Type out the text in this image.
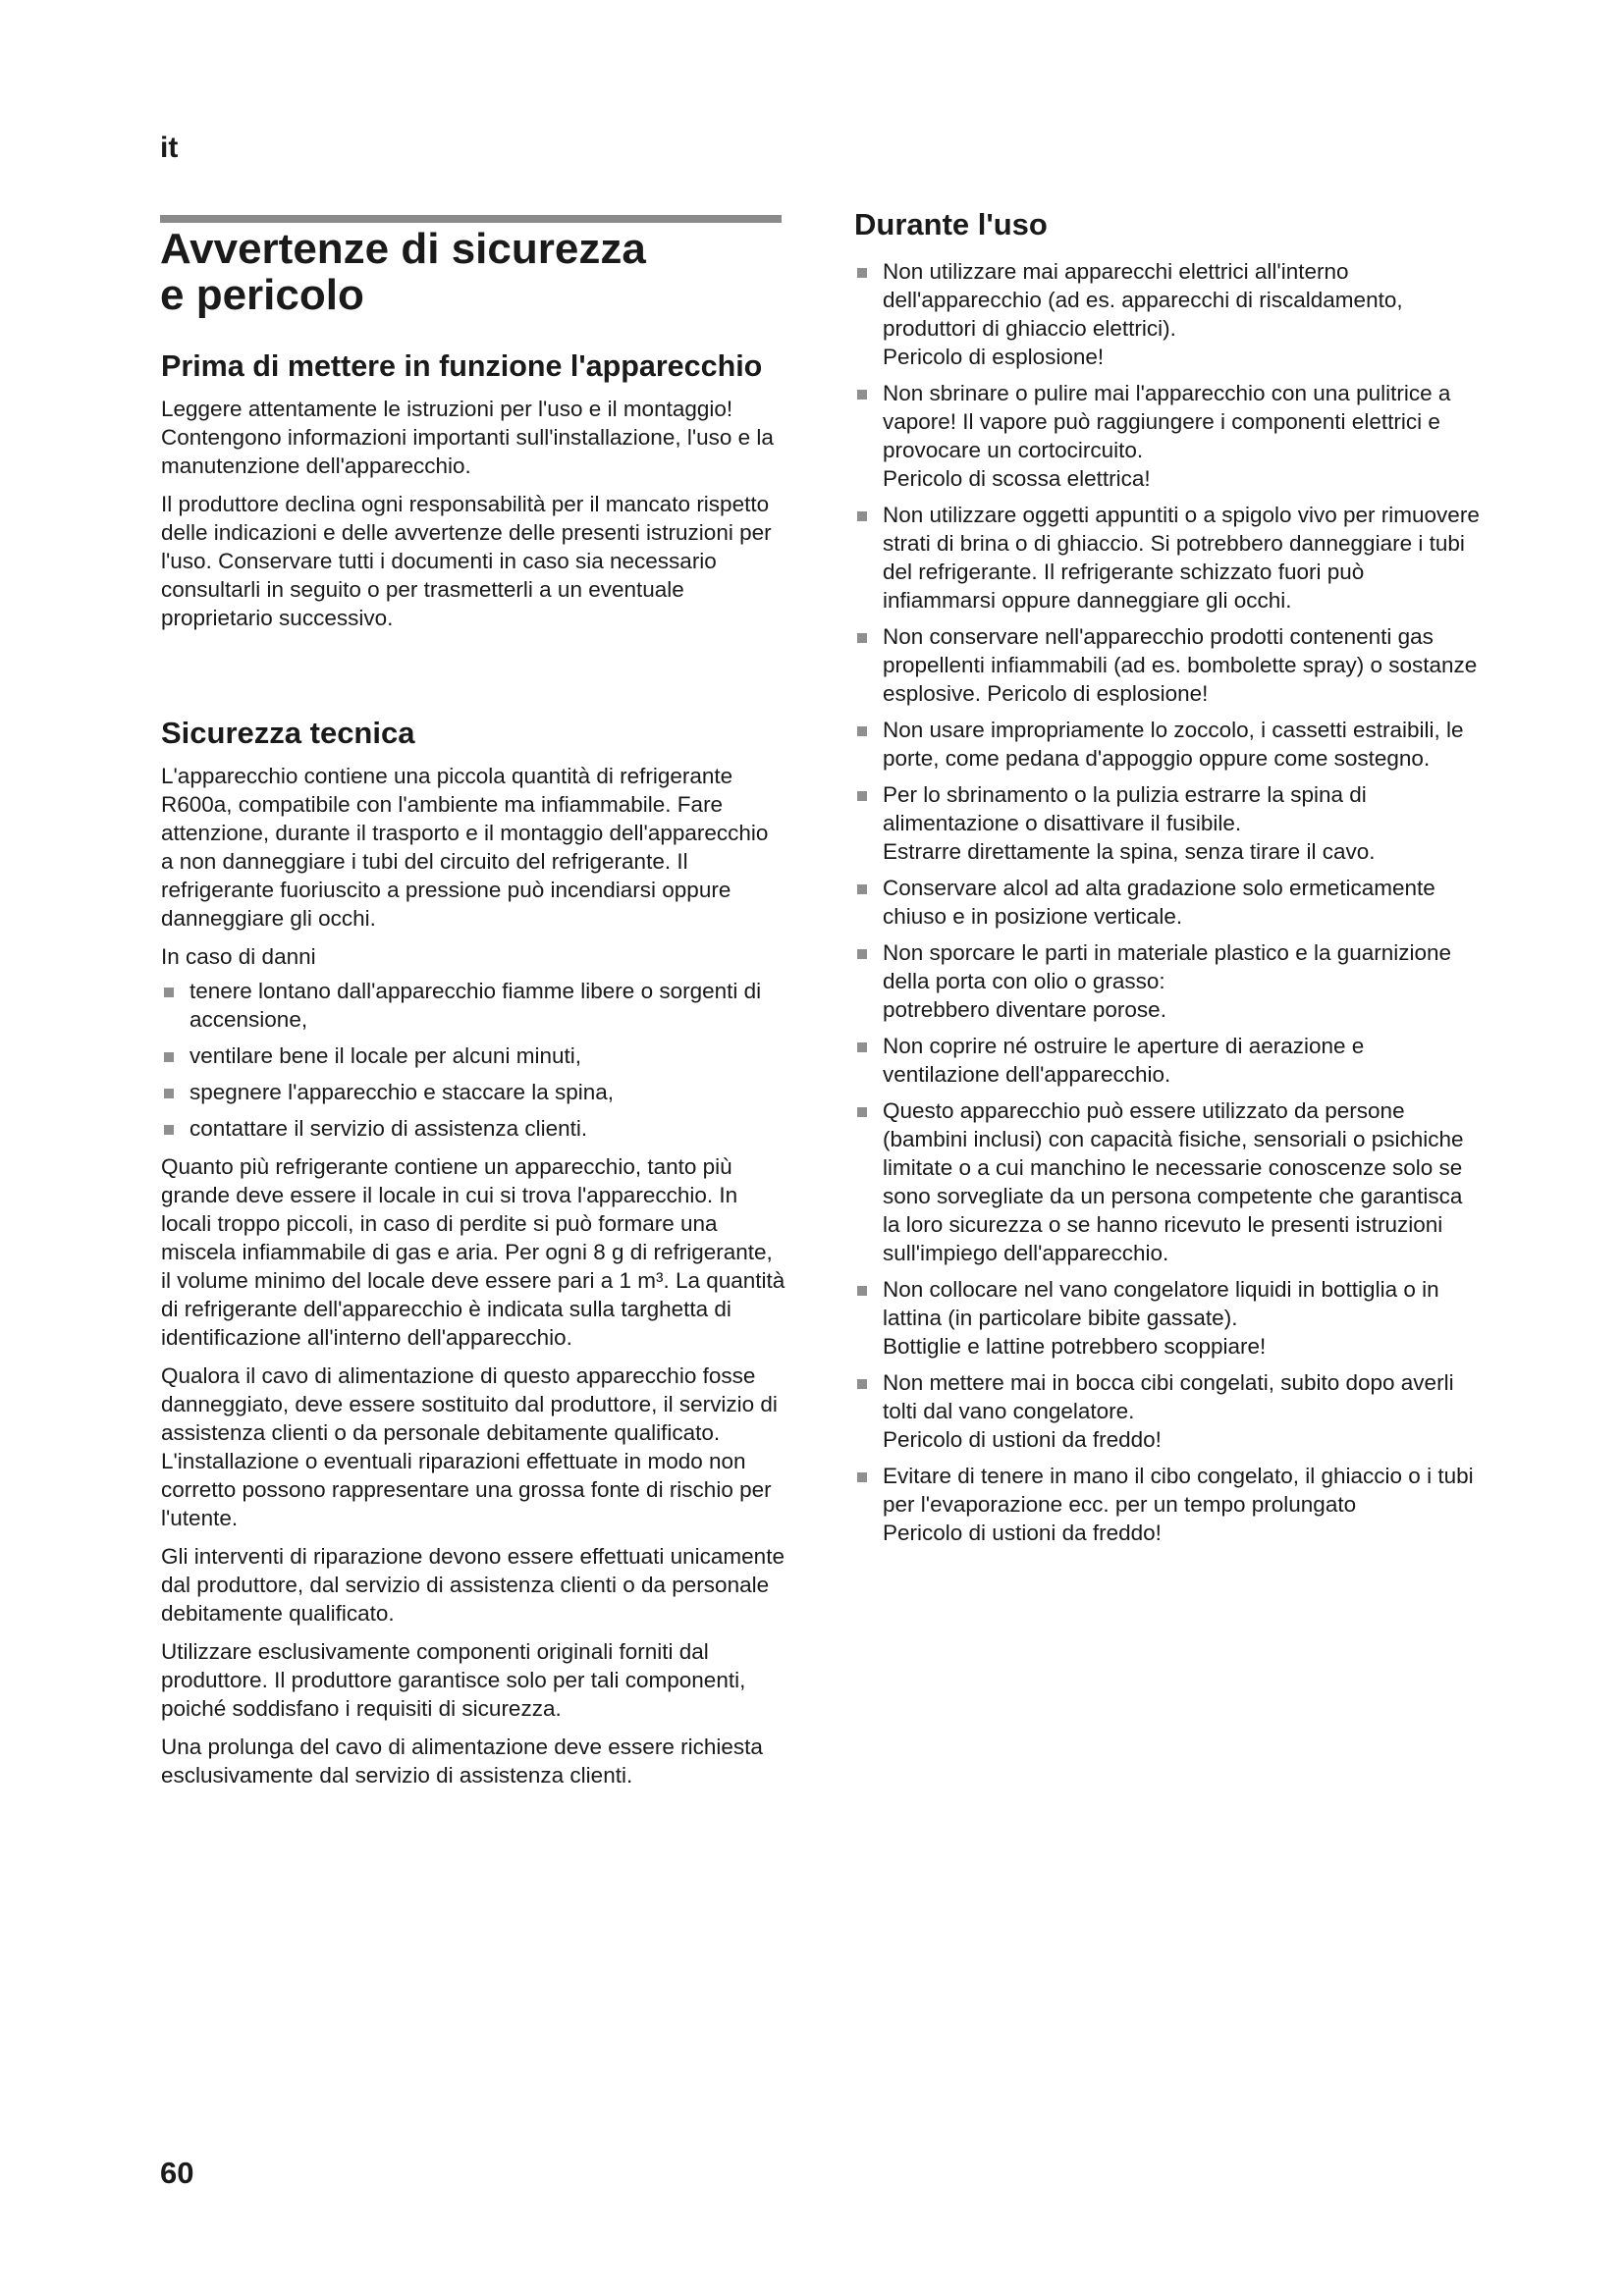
it
Avvertenze di sicurezza
e pericolo
Prima di mettere in funzione l'apparecchio

Leggere attentamente le istruzioni per l'uso e il montaggio! Contengono informazioni importanti sull'installazione, l'uso e la
manutenzione dell'apparecchio.

Il produttore declina ogni responsabilità per il mancato rispetto delle indicazioni e delle avvertenze delle presenti istruzioni per l'uso. Conservare tutti i documenti in caso sia necessario consultarli in seguito o per trasmetterli a un eventuale
proprietario successivo.

Sicurezza tecnica

L'apparecchio contiene una piccola quantità di refrigerante R600a, compatibile con l'ambiente ma infiammabile. Fare attenzione, durante il trasporto e il montaggio dell'apparecchio a non danneggiare i tubi del circuito del refrigerante. Il refrigerante fuoriuscito a pressione può incendiarsi oppure danneggiare gli occhi.

In caso di danni

tenere lontano dall'apparecchio fiamme libere o sorgenti di accensione,
ventilare bene il locale per alcuni minuti,
spegnere l'apparecchio e staccare la spina,
contattare il servizio di assistenza clienti.

Quanto più refrigerante contiene un apparecchio, tanto più grande deve essere il locale in cui si trova l'apparecchio. In locali troppo piccoli, in caso di perdite si può formare una miscela infiammabile di gas e aria. Per ogni 8 g di refrigerante, il volume minimo del locale deve essere pari a 1 m³. La quantità di refrigerante dell'apparecchio è indicata sulla targhetta di identificazione all'interno dell'apparecchio.

Qualora il cavo di alimentazione di questo apparecchio fosse danneggiato, deve essere sostituito dal produttore, il servizio di assistenza clienti o da personale debitamente qualificato. L'installazione o eventuali riparazioni effettuate in modo non corretto possono rappresentare una grossa fonte di rischio per l'utente.

Gli interventi di riparazione devono essere effettuati unicamente dal produttore, dal servizio di assistenza clienti o da personale debitamente qualificato.

Utilizzare esclusivamente componenti originali forniti dal produttore. Il produttore garantisce solo per tali componenti, poiché soddisfano i requisiti di sicurezza.

Una prolunga del cavo di alimentazione deve essere richiesta esclusivamente dal servizio di assistenza clienti.

Durante l'uso
Non utilizzare mai apparecchi elettrici all'interno dell'apparecchio (ad es. apparecchi di riscaldamento, produttori di ghiaccio elettrici).
Pericolo di esplosione!
Non sbrinare o pulire mai l'apparecchio con una pulitrice a vapore! Il vapore può raggiungere i componenti elettrici e provocare un cortocircuito.
Pericolo di scossa elettrica!
Non utilizzare oggetti appuntiti o a spigolo vivo per rimuovere strati di brina o di ghiaccio. Si potrebbero danneggiare i tubi del refrigerante. Il refrigerante schizzato fuori può infiammarsi oppure danneggiare gli occhi.
Non conservare nell'apparecchio prodotti contenenti gas propellenti infiammabili (ad es. bombolette spray) o sostanze esplosive. Pericolo di esplosione!
Non usare impropriamente lo zoccolo, i cassetti estraibili, le porte, come pedana d'appoggio oppure come sostegno.
Per lo sbrinamento o la pulizia estrarre la spina di alimentazione o disattivare il fusibile.
Estrarre direttamente la spina, senza tirare il cavo.
Conservare alcol ad alta gradazione solo ermeticamente chiuso e in posizione verticale.
Non sporcare le parti in materiale plastico e la guarnizione della porta con olio o grasso:
potrebbero diventare porose.
Non coprire né ostruire le aperture di aerazione e ventilazione dell'apparecchio.
Questo apparecchio può essere utilizzato da persone (bambini inclusi) con capacità fisiche, sensoriali o psichiche limitate o a cui manchino le necessarie conoscenze solo se sono sorvegliate da un persona competente che garantisca la loro sicurezza o se hanno ricevuto le presenti istruzioni sull'impiego dell'apparecchio.
Non collocare nel vano congelatore liquidi in bottiglia o in lattina (in particolare bibite gassate).
Bottiglie e lattine potrebbero scoppiare!
Non mettere mai in bocca cibi congelati, subito dopo averli tolti dal vano congelatore.
Pericolo di ustioni da freddo!
Evitare di tenere in mano il cibo congelato, il ghiaccio o i tubi per l'evaporazione ecc. per un tempo prolungato
Pericolo di ustioni da freddo!
60
